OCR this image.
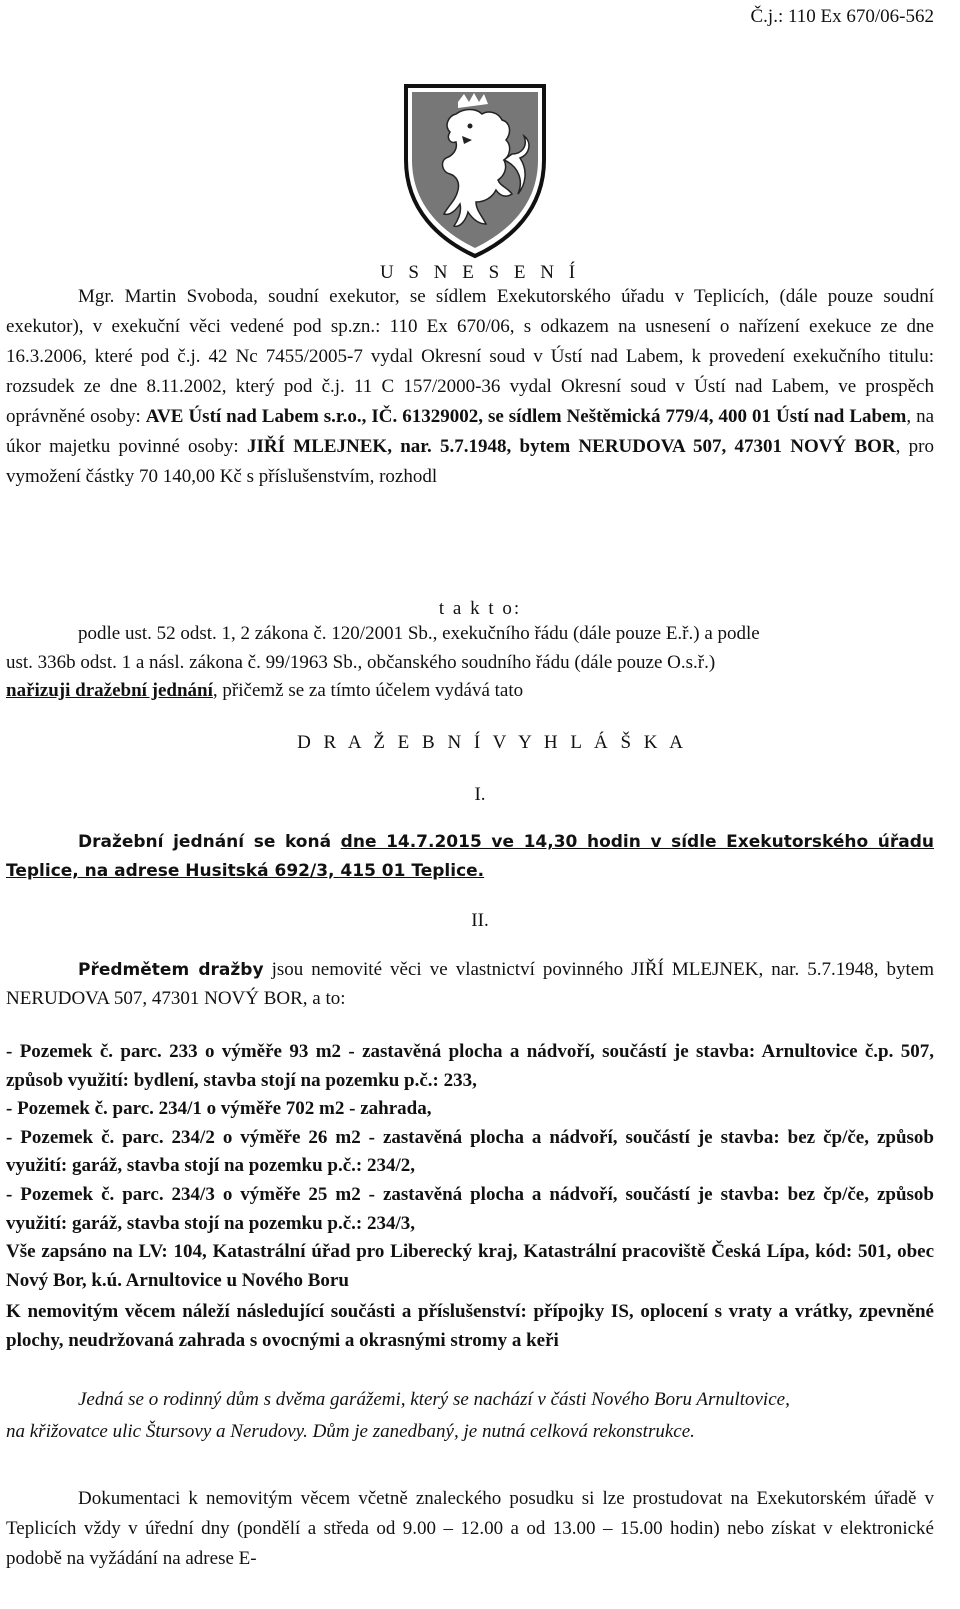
Č.j.: 110 Ex 670/06-562
U S N E S E N Í
Mgr. Martin Svoboda, soudní exekutor, se sídlem Exekutorského úřadu v Teplicích, (dále pouze soudní exekutor), v exekuční věci vedené pod sp.zn.: 110 Ex 670/06, s odkazem na usnesení o nařízení exekuce ze dne 16.3.2006, které pod č.j. 42 Nc 7455/2005-7 vydal Okresní soud v Ústí nad Labem, k provedení exekučního titulu: rozsudek ze dne 8.11.2002, který pod č.j. 11 C 157/2000-36 vydal Okresní soud v Ústí nad Labem, ve prospěch oprávněné osoby: AVE Ústí nad Labem s.r.o., IČ. 61329002, se sídlem Neštěmická 779/4, 400 01 Ústí nad Labem, na úkor majetku povinné osoby: JIŘÍ MLEJNEK, nar. 5.7.1948, bytem NERUDOVA 507, 47301 NOVÝ BOR, pro vymožení částky 70 140,00 Kč s příslušenstvím, rozhodl
t a k t o:
podle ust. 52 odst. 1, 2 zákona č. 120/2001 Sb., exekučního řádu (dále pouze E.ř.) a podle
ust. 336b odst. 1 a násl. zákona č. 99/1963 Sb., občanského soudního řádu (dále pouze O.s.ř.)
nařizuji dražební jednání, přičemž se za tímto účelem vydává tato
D R A Ž E B N Í V Y H L Á Š K A
I.
Dražební jednání se koná dne 14.7.2015 ve 14,30 hodin v sídle Exekutorského úřadu Teplice, na adrese Husitská 692/3, 415 01 Teplice.
II.
Předmětem dražby jsou nemovité věci ve vlastnictví povinného JIŘÍ MLEJNEK, nar. 5.7.1948, bytem NERUDOVA 507, 47301 NOVÝ BOR, a to:
- Pozemek č. parc. 233 o výměře 93 m2 - zastavěná plocha a nádvoří, součástí je stavba: Arnultovice č.p. 507, způsob využití: bydlení, stavba stojí na pozemku p.č.: 233,
- Pozemek č. parc. 234/1 o výměře 702 m2 - zahrada,
- Pozemek č. parc. 234/2 o výměře 26 m2 - zastavěná plocha a nádvoří, součástí je stavba: bez čp/če, způsob využití: garáž, stavba stojí na pozemku p.č.: 234/2,
- Pozemek č. parc. 234/3 o výměře 25 m2 - zastavěná plocha a nádvoří, součástí je stavba: bez čp/če, způsob využití: garáž, stavba stojí na pozemku p.č.: 234/3,
Vše zapsáno na LV: 104, Katastrální úřad pro Liberecký kraj, Katastrální pracoviště Česká Lípa, kód: 501, obec Nový Bor, k.ú. Arnultovice u Nového Boru
K nemovitým věcem náleží následující součásti a příslušenství: přípojky IS, oplocení s vraty a vrátky, zpevněné plochy, neudržovaná zahrada s ovocnými a okrasnými stromy a keři
Jedná se o rodinný dům s dvěma garážemi, který se nachází v části Nového Boru Arnultovice,
na křižovatce ulic Štursovy a Nerudovy. Dům je zanedbaný, je nutná celková rekonstrukce.
Dokumentaci k nemovitým věcem včetně znaleckého posudku si lze prostudovat na Exekutorském úřadě v Teplicích vždy v úřední dny (pondělí a středa od 9.00 – 12.00 a od 13.00 – 15.00 hodin) nebo získat v elektronické podobě na vyžádání na adrese E-
